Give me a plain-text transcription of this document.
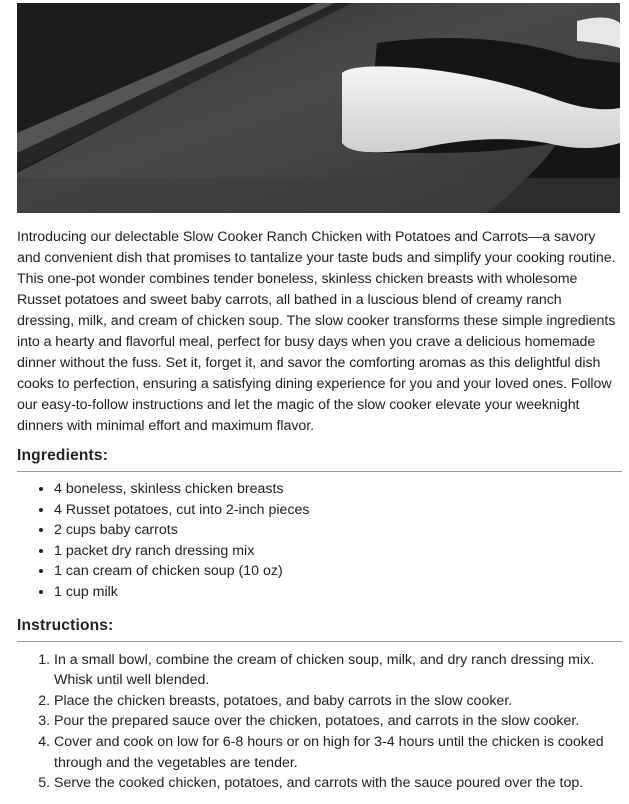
Introducing our delectable Slow Cooker Ranch Chicken with Potatoes and Carrots—a savory and convenient dish that promises to tantalize your taste buds and simplify your cooking routine. This one-pot wonder combines tender boneless, skinless chicken breasts with wholesome Russet potatoes and sweet baby carrots, all bathed in a luscious blend of creamy ranch dressing, milk, and cream of chicken soup. The slow cooker transforms these simple ingredients into a hearty and flavorful meal, perfect for busy days when you crave a delicious homemade dinner without the fuss. Set it, forget it, and savor the comforting aromas as this delightful dish cooks to perfection, ensuring a satisfying dining experience for you and your loved ones. Follow our easy-to-follow instructions and let the magic of the slow cooker elevate your weeknight dinners with minimal effort and maximum flavor.

Ingredients:
• 4 boneless, skinless chicken breasts
• 4 Russet potatoes, cut into 2-inch pieces
• 2 cups baby carrots
• 1 packet dry ranch dressing mix
• 1 can cream of chicken soup (10 oz)
• 1 cup milk
Instructions:
1. In a small bowl, combine the cream of chicken soup, milk, and dry ranch dressing mix. Whisk until well blended.
2. Place the chicken breasts, potatoes, and baby carrots in the slow cooker.
3. Pour the prepared sauce over the chicken, potatoes, and carrots in the slow cooker.
4. Cover and cook on low for 6-8 hours or on high for 3-4 hours until the chicken is cooked through and the vegetables are tender.
5. Serve the cooked chicken, potatoes, and carrots with the sauce poured over the top.
